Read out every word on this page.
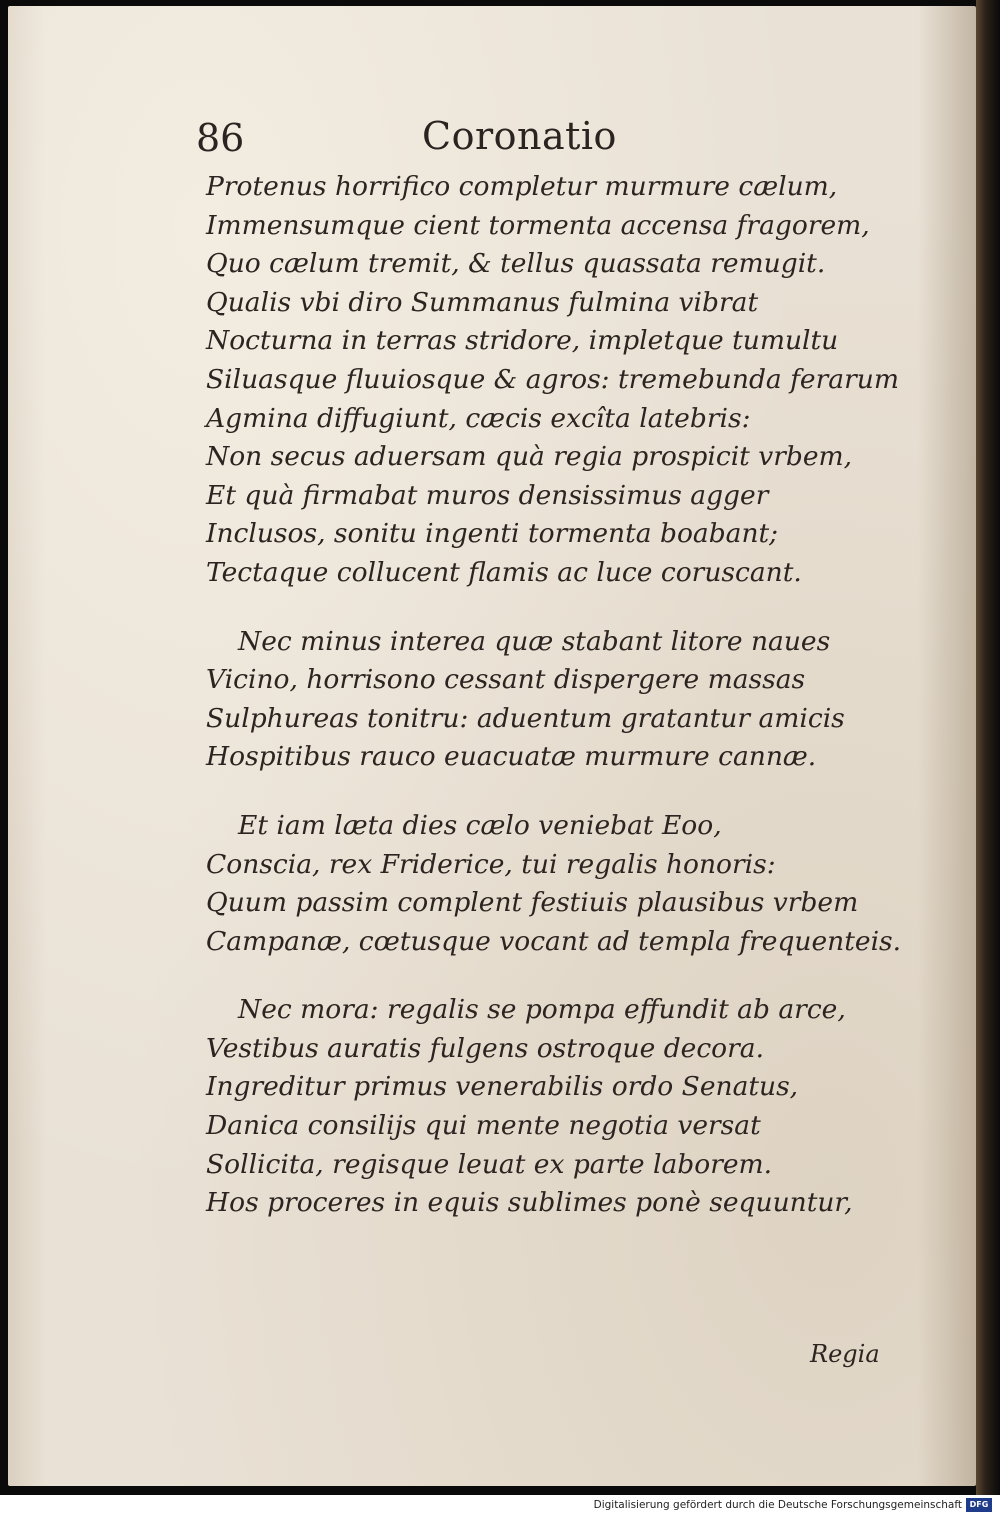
86	Coronatio
Protenus horrifico completur murmure cælum,
Immensumque cient tormenta accensa fragorem,
Quo cælum tremit, & tellus quassata remugit.
Qualis vbi diro Summanus fulmina vibrat
Nocturna in terras stridore, impletque tumultu
Siluasque fluuiosque & agros: tremebunda ferarum
Agmina diffugiunt, cæcis excîta latebris:
Non secus aduersam quà regia prospicit vrbem,
Et quà firmabat muros densissimus agger
Inclusos, sonitu ingenti tormenta boabant;
Tectaque collucent flamis ac luce coruscant.
Nec minus interea quæ stabant litore naues
Vicino, horrisono cessant dispergere massas
Sulphureas tonitru: aduentum gratantur amicis
Hospitibus rauco euacuatæ murmure cannæ.
Et iam læta dies cælo veniebat Eoo,
Conscia, rex Friderice, tui regalis honoris:
Quum passim complent festiuis plausibus vrbem
Campanæ, cœtusque vocant ad templa frequenteis.
Nec mora: regalis se pompa effundit ab arce,
Vestibus auratis fulgens ostroque decora.
Ingreditur primus venerabilis ordo Senatus,
Danica consilijs qui mente negotia versat
Sollicita, regisque leuat ex parte laborem.
Hos proceres in equis sublimes ponè sequuntur,
Regia
Digitalisierung gefördert durch die Deutsche Forschungsgemeinschaft DFG
